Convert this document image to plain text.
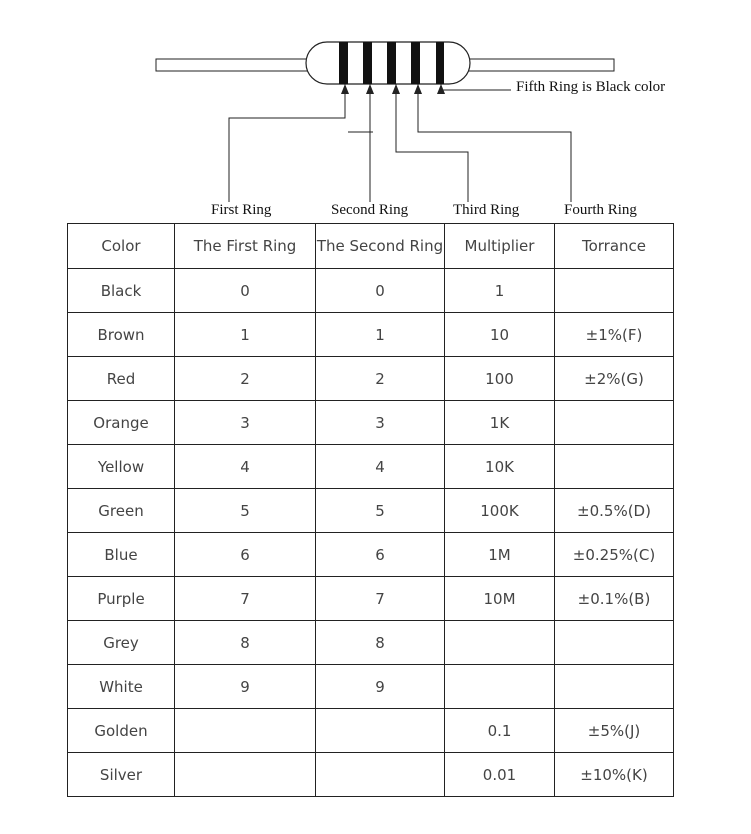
Fifth Ring is Black color
First Ring	Second Ring	Third Ring	Fourth Ring
Color	The First Ring	The Second Ring	Multiplier	Torrance
Black	0	0	1	
Brown	1	1	10	±1%(F)
Red	2	2	100	±2%(G)
Orange	3	3	1K	
Yellow	4	4	10K	
Green	5	5	100K	±0.5%(D)
Blue	6	6	1M	±0.25%(C)
Purple	7	7	10M	±0.1%(B)
Grey	8	8		
White	9	9		
Golden			0.1	±5%(J)
Silver			0.01	±10%(K)
